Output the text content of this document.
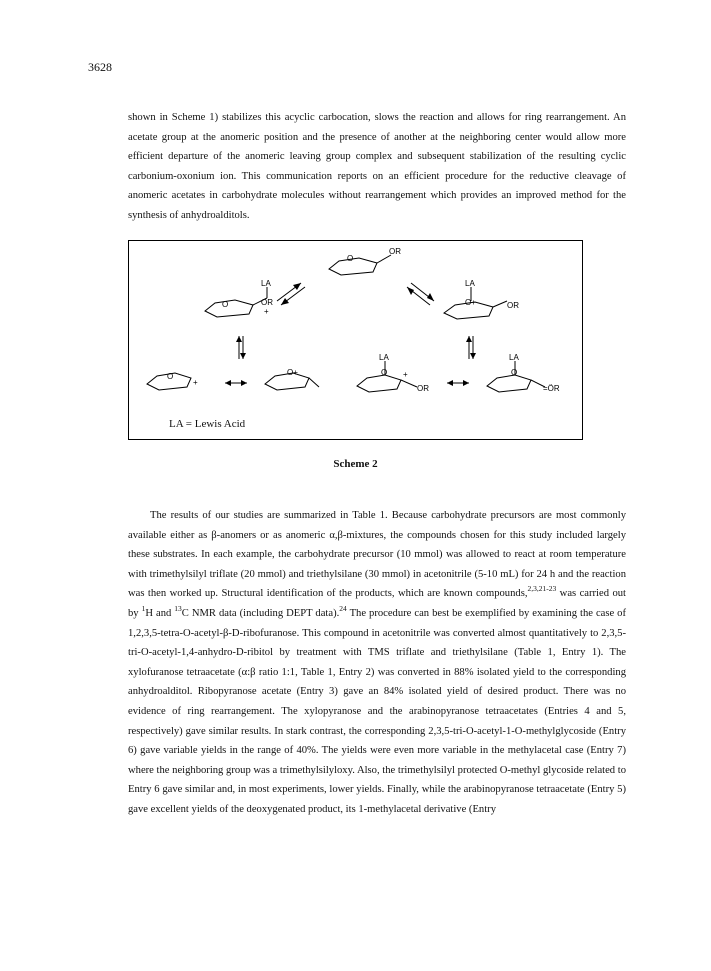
3628

shown in Scheme 1) stabilizes this acyclic carbocation, slows the reaction and allows for ring rearrangement. An acetate group at the anomeric position and the presence of another at the neighboring center would allow more efficient departure of the anomeric leaving group complex and subsequent stabilization of the resulting cyclic carbonium-oxonium ion. This communication reports on an efficient procedure for the reductive cleavage of anomeric acetates in carbohydrate molecules without rearrangement which provides an improved method for the synthesis of anhydroalditols.

O
OR
O
LA
OR
+
LA
O+	OR
O
+
O+
LA
O +
OR
LA
O
=ÖR
LA = Lewis Acid
Scheme 2

The results of our studies are summarized in Table 1. Because carbohydrate precursors are most commonly available either as β-anomers or as anomeric α,β-mixtures, the compounds chosen for this study included largely these substrates. In each example, the carbohydrate precursor (10 mmol) was allowed to react at room temperature with trimethylsilyl triflate (20 mmol) and triethylsilane (30 mmol) in acetonitrile (5-10 mL) for 24 h and the reaction was then worked up. Structural identification of the products, which are known compounds,$^{2,3,21-23}$ was carried out by $^1$H and $^{13}$C NMR data (including DEPT data).$^{24}$ The procedure can best be exemplified by examining the case of 1,2,3,5-tetra-O-acetyl-β-D-ribofuranose. This compound in acetonitrile was converted almost quantitatively to 2,3,5-tri-O-acetyl-1,4-anhydro-D-ribitol by treatment with TMS triflate and triethylsilane (Table 1, Entry 1). The xylofuranose tetraacetate (α:β ratio 1:1, Table 1, Entry 2) was converted in 88% isolated yield to the corresponding anhydroalditol. Ribopyranose acetate (Entry 3) gave an 84% isolated yield of desired product. There was no evidence of ring rearrangement. The xylopyranose and the arabinopyranose tetraacetates (Entries 4 and 5, respectively) gave similar results. In stark contrast, the corresponding 2,3,5-tri-O-acetyl-1-O-methylglycoside (Entry 6) gave variable yields in the range of 40%. The yields were even more variable in the methylacetal case (Entry 7) where the neighboring group was a trimethylsilyloxy. Also, the trimethylsilyl protected O-methyl glycoside related to Entry 6 gave similar and, in most experiments, lower yields. Finally, while the arabinopyranose tetraacetate (Entry 5) gave excellent yields of the deoxygenated product, its 1-methylacetal derivative (Entry
